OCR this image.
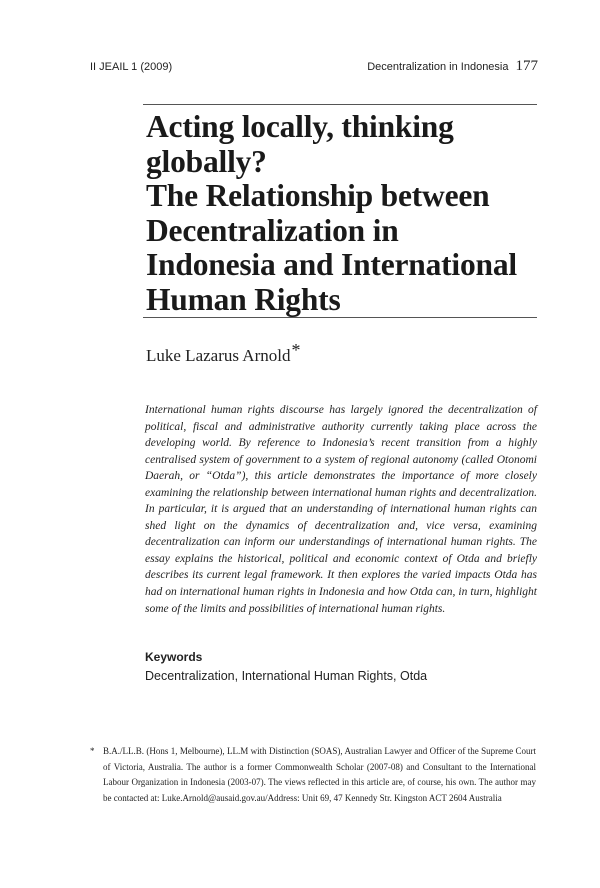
II JEAIL 1 (2009)	Decentralization in Indonesia 177
Acting locally, thinking
globally?
The Relationship between
Decentralization in
Indonesia and International
Human Rights
Luke Lazarus Arnold*

International human rights discourse has largely ignored the decentralization of political, fiscal and administrative authority currently taking place across the developing world. By reference to Indonesia’s recent transition from a highly centralised system of government to a system of regional autonomy (called Otonomi Daerah, or “Otda”), this article demonstrates the importance of more closely examining the relationship between international human rights and decentralization. In particular, it is argued that an understanding of international human rights can shed light on the dynamics of decentralization and, vice versa, examining decentralization can inform our understandings of international human rights. The essay explains the historical, political and economic context of Otda and briefly describes its current legal framework. It then explores the varied impacts Otda has had on international human rights in Indonesia and how Otda can, in turn, highlight some of the limits and possibilities of international human rights.

Keywords
Decentralization, International Human Rights, Otda
* B.A./LL.B. (Hons 1, Melbourne), LL.M with Distinction (SOAS), Australian Lawyer and Officer of the Supreme Court of Victoria, Australia. The author is a former Commonwealth Scholar (2007-08) and Consultant to the International Labour Organization in Indonesia (2003-07). The views reflected in this article are, of course, his own. The author may be contacted at: Luke.Arnold@ausaid.gov.au/Address: Unit 69, 47 Kennedy Str. Kingston ACT 2604 Australia
